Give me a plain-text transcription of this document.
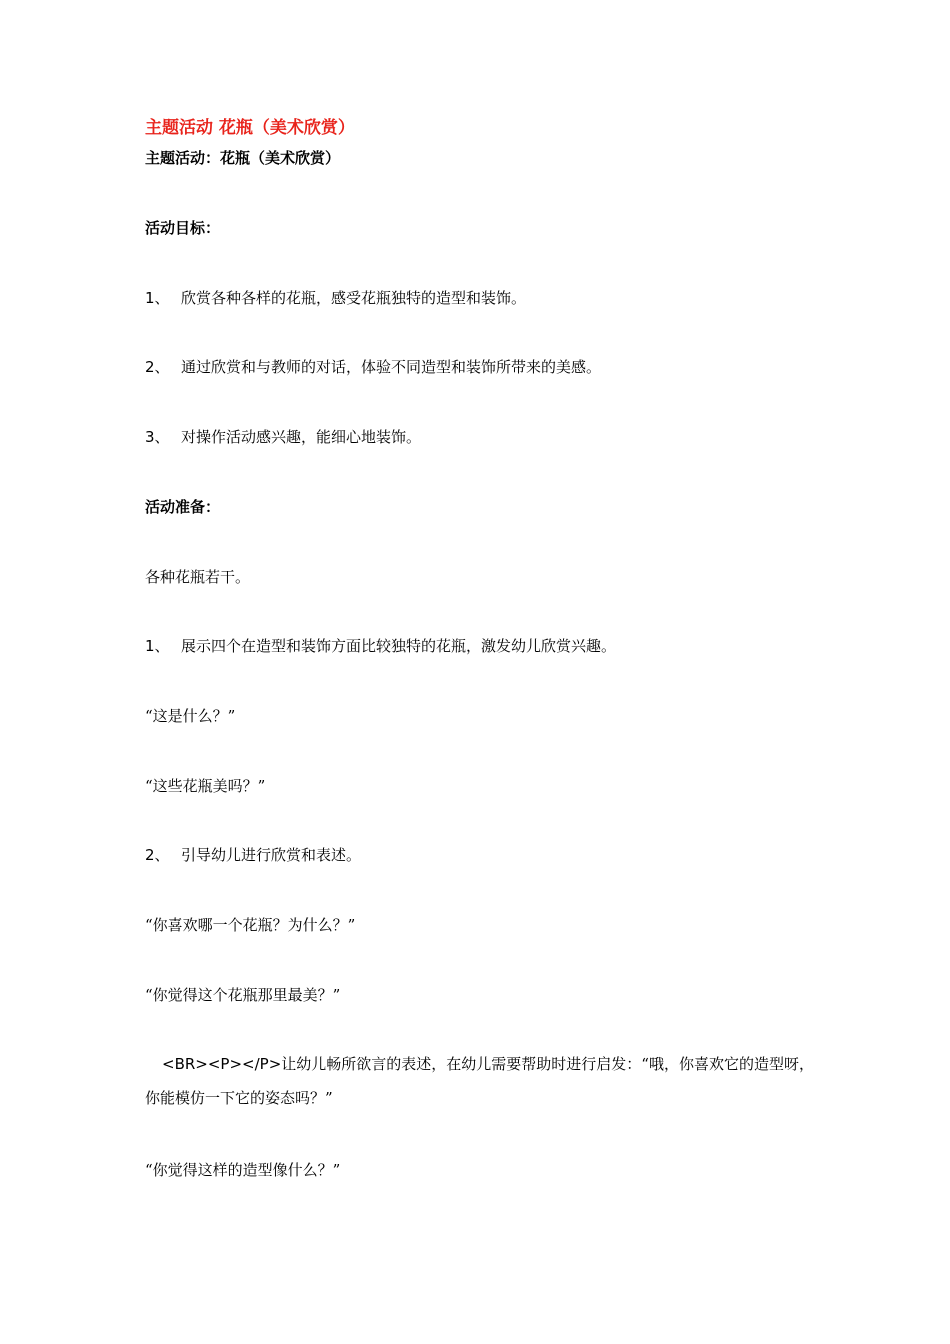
主题活动 花瓶（美术欣赏）
主题活动：花瓶（美术欣赏）
活动目标：
1、 欣赏各种各样的花瓶，感受花瓶独特的造型和装饰。
2、 通过欣赏和与教师的对话，体验不同造型和装饰所带来的美感。
3、 对操作活动感兴趣，能细心地装饰。
活动准备：
各种花瓶若干。
1、 展示四个在造型和装饰方面比较独特的花瓶，激发幼儿欣赏兴趣。
“这是什么？”
“这些花瓶美吗？”
2、 引导幼儿进行欣赏和表述。
“你喜欢哪一个花瓶？为什么？”
“你觉得这个花瓶那里最美？”
<BR><P></P>让幼儿畅所欲言的表述，在幼儿需要帮助时进行启发：“哦，你喜欢它的造型呀，你能模仿一下它的姿态吗？”
“你觉得这样的造型像什么？”
